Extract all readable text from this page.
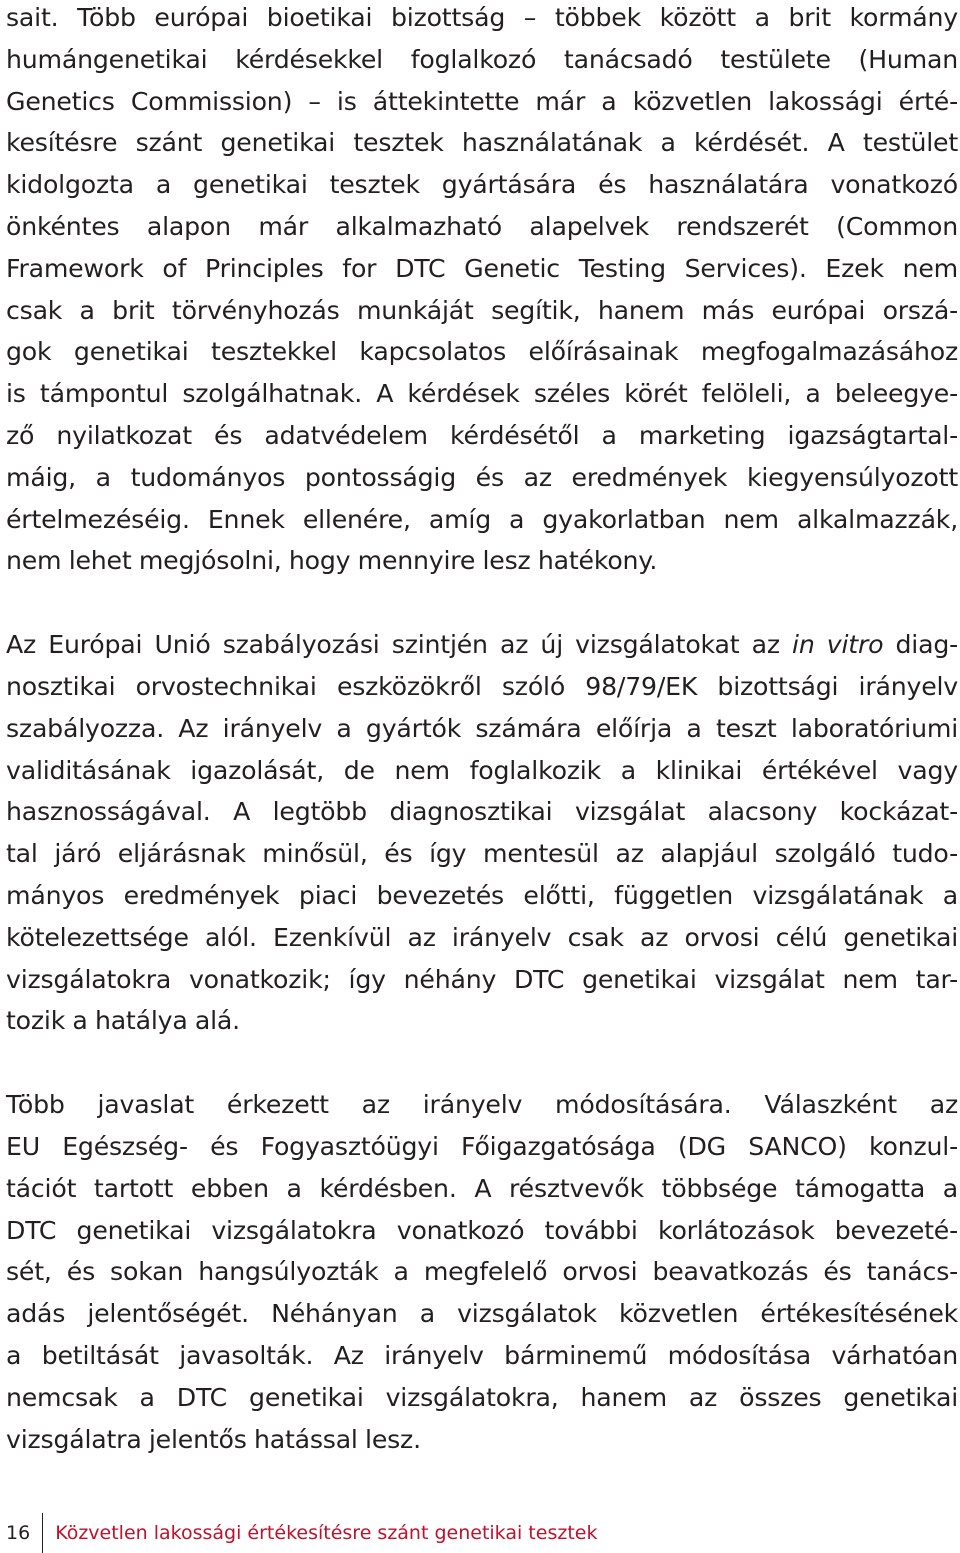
sait. Több európai bioetikai bizottság – többek között a brit kormány
humángenetikai kérdésekkel foglalkozó tanácsadó testülete (Human
Genetics Commission) – is áttekintette már a közvetlen lakossági érté-
kesítésre szánt genetikai tesztek használatának a kérdését. A testület
kidolgozta a genetikai tesztek gyártására és használatára vonatkozó
önkéntes alapon már alkalmazható alapelvek rendszerét (Common
Framework of Principles for DTC Genetic Testing Services). Ezek nem
csak a brit törvényhozás munkáját segítik, hanem más európai orszá-
gok genetikai tesztekkel kapcsolatos előírásainak megfogalmazásához
is támpontul szolgálhatnak. A kérdések széles körét felöleli, a beleegye-
ző nyilatkozat és adatvédelem kérdésétől a marketing igazságtartal-
máig, a tudományos pontosságig és az eredmények kiegyensúlyozott
értelmezéséig. Ennek ellenére, amíg a gyakorlatban nem alkalmazzák,
nem lehet megjósolni, hogy mennyire lesz hatékony.

Az Európai Unió szabályozási szintjén az új vizsgálatokat az in vitro diag-
nosztikai orvostechnikai eszközökről szóló 98/79/EK bizottsági irányelv
szabályozza. Az irányelv a gyártók számára előírja a teszt laboratóriumi
validitásának igazolását, de nem foglalkozik a klinikai értékével vagy
hasznosságával. A legtöbb diagnosztikai vizsgálat alacsony kockázat-
tal járó eljárásnak minősül, és így mentesül az alapjául szolgáló tudo-
mányos eredmények piaci bevezetés előtti, független vizsgálatának a
kötelezettsége alól. Ezenkívül az irányelv csak az orvosi célú genetikai
vizsgálatokra vonatkozik; így néhány DTC genetikai vizsgálat nem tar-
tozik a hatálya alá.

Több javaslat érkezett az irányelv módosítására. Válaszként az
EU Egészség- és Fogyasztóügyi Főigazgatósága (DG SANCO) konzul-
tációt tartott ebben a kérdésben. A résztvevők többsége támogatta a
DTC genetikai vizsgálatokra vonatkozó további korlátozások bevezeté-
sét, és sokan hangsúlyozták a megfelelő orvosi beavatkozás és tanács-
adás jelentőségét. Néhányan a vizsgálatok közvetlen értékesítésének
a betiltását javasolták. Az irányelv bárminemű módosítása várhatóan
nemcsak a DTC genetikai vizsgálatokra, hanem az összes genetikai
vizsgálatra jelentős hatással lesz.

16	Közvetlen lakossági értékesítésre szánt genetikai tesztek
